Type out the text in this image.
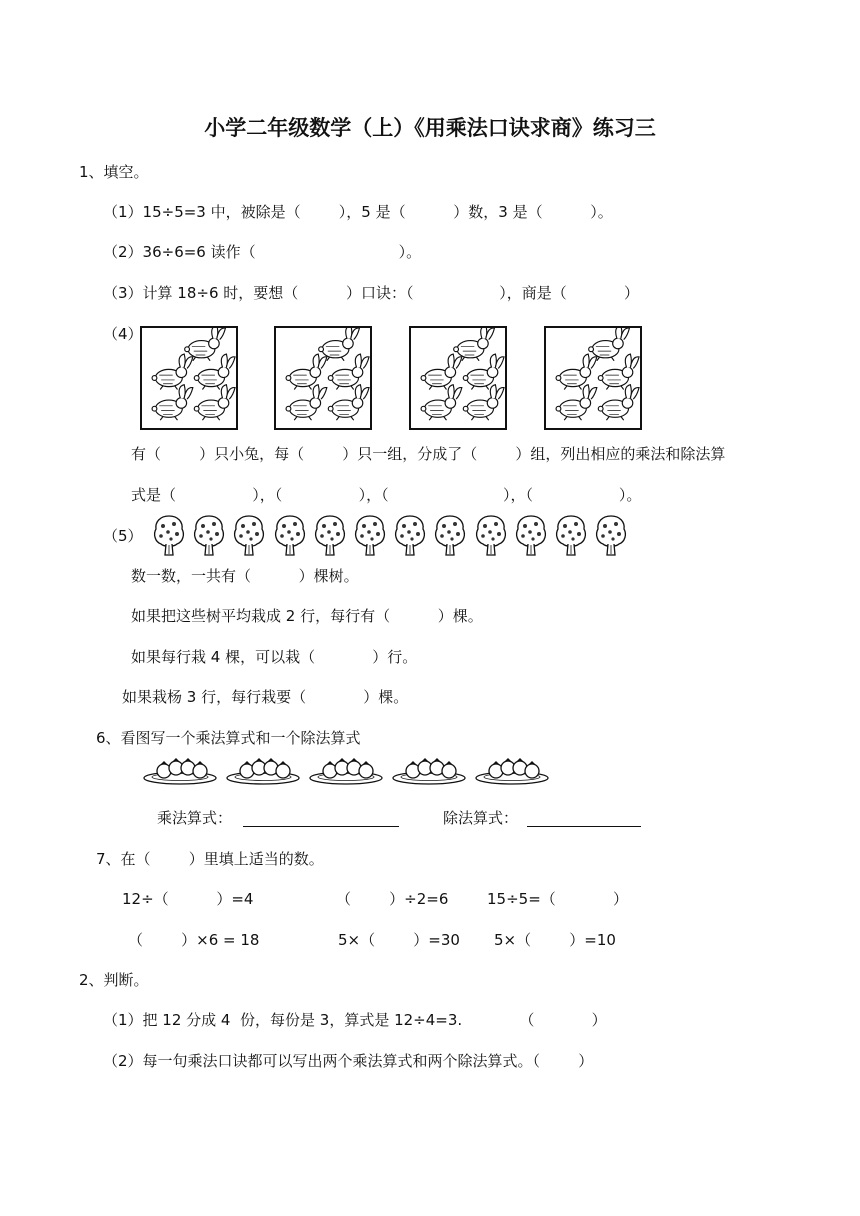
小学二年级数学（上）《用乘法口诀求商》练习三
1、填空。
（1）15÷5=3 中，被除是（        ），5 是（          ）数，3 是（          ）。
（2）36÷6=6 读作（                              ）。
（3）计算 18÷6 时，要想（          ）口诀：（                  ），商是（            ）
（4）
有（        ）只小兔，每（        ）只一组，分成了（        ）组，列出相应的乘法和除法算
式是（                ），（                ），（                        ），（                  ）。
（5）
数一数，一共有（          ）棵树。
如果把这些树平均栽成 2 行，每行有（          ）棵。
如果每行栽 4 棵，可以栽（            ）行。
如果栽杨 3 行，每行栽要（            ）棵。
6、看图写一个乘法算式和一个除法算式
乘法算式：	除法算式：
7、在（        ）里填上适当的数。
12÷（          ）=4	（        ）÷2=6	15÷5=（            ）
（        ）×6 = 18	5×（        ）=30 5×（        ）=10
2、判断。
（1）把 12 分成 4  份，每份是 3，算式是 12÷4=3.            （            ）
（2）每一句乘法口诀都可以写出两个乘法算式和两个除法算式。（        ）
